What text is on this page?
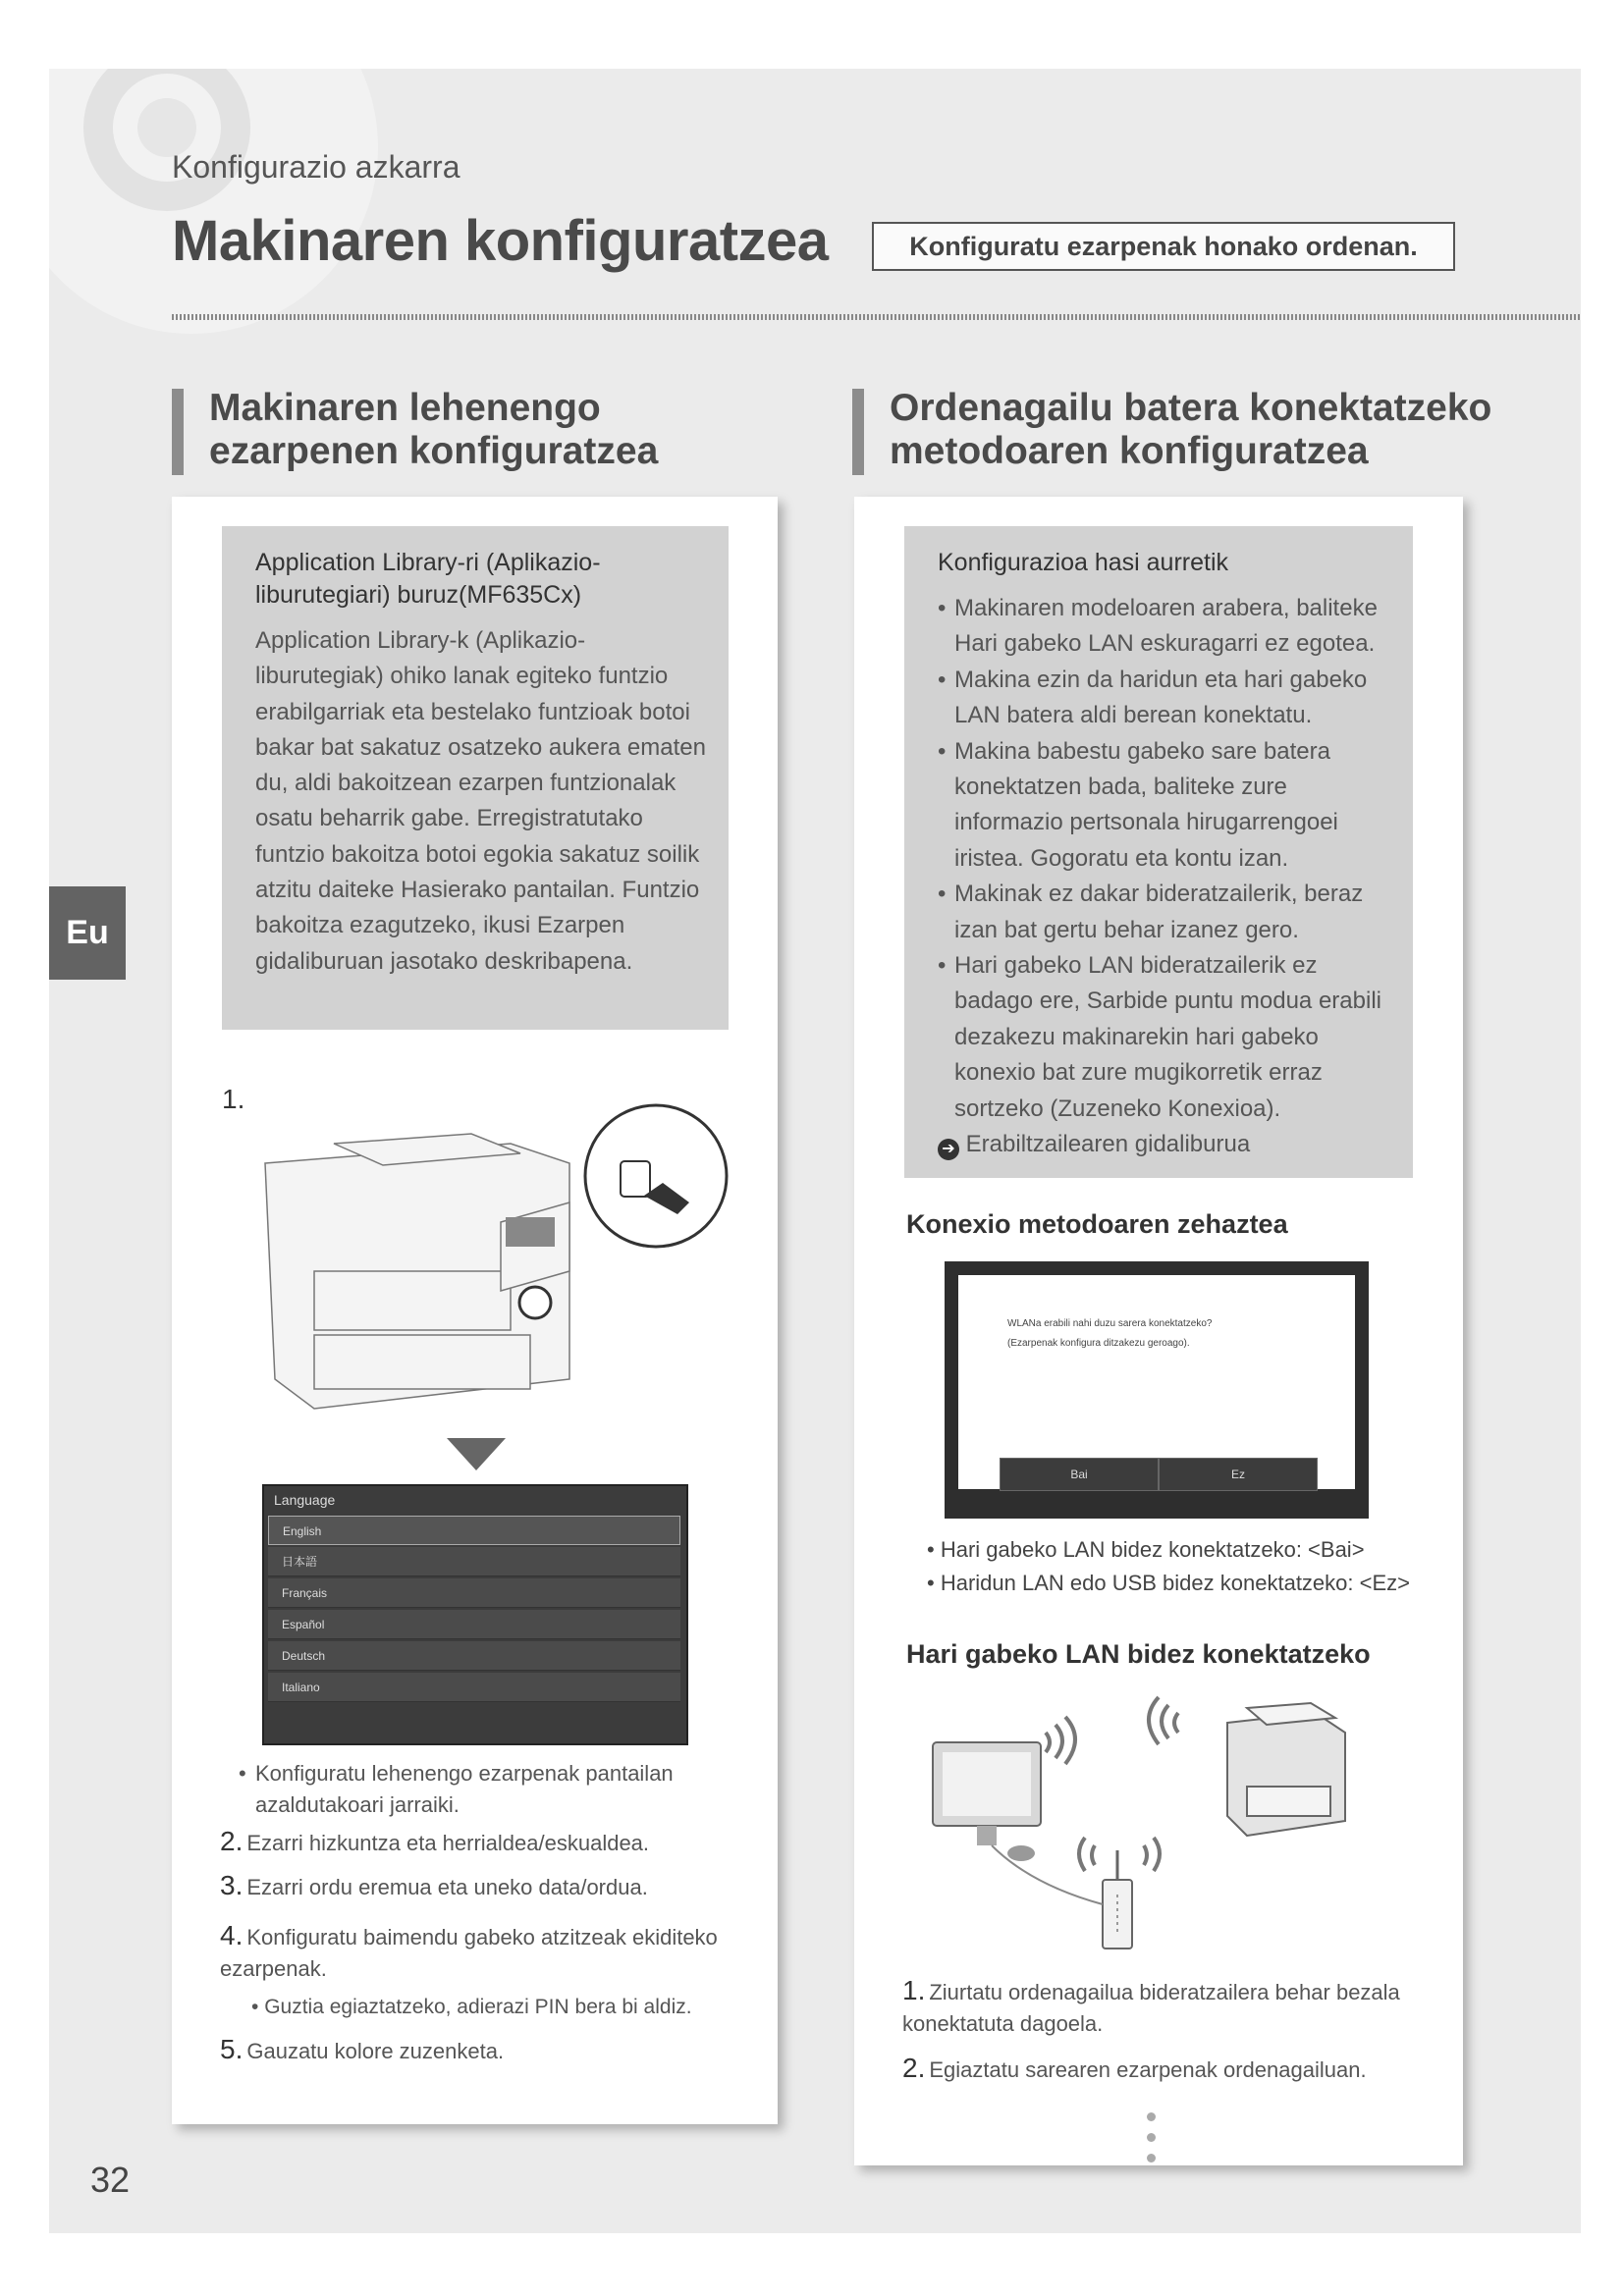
Konfigurazio azkarra
Makinaren konfiguratzea	Konfiguratu ezarpenak honako ordenan.
Eu
Makinaren lehenengo
ezarpenen konfiguratzea
Ordenagailu batera konektatzeko
metodoaren konfiguratzea
Application Library-ri (Aplikazio-
liburutegiari) buruz(MF635Cx)
Application Library-k (Aplikazio-liburutegiak) ohiko lanak egiteko funtzio erabilgarriak eta bestelako funtzioak botoi bakar bat sakatuz osatzeko aukera ematen du, aldi bakoitzean ezarpen funtzionalak osatu beharrik gabe. Erregistratutako funtzio bakoitza botoi egokia sakatuz soilik atzitu daiteke Hasierako pantailan. Funtzio bakoitza ezagutzeko, ikusi Ezarpen gidaliburuan jasotako deskribapena.
1.
Language
English
日本語
Français
Español
Deutsch
Italiano
• Konfiguratu lehenengo ezarpenak pantailan azaldutakoari jarraiki.
2. Ezarri hizkuntza eta herrialdea/eskualdea.
3. Ezarri ordu eremua eta uneko data/ordua.
4. Konfiguratu baimendu gabeko atzitzeak ekiditeko ezarpenak.
• Guztia egiaztatzeko, adierazi PIN bera bi aldiz.
5. Gauzatu kolore zuzenketa.
Konfigurazioa hasi aurretik
• Makinaren modeloaren arabera, baliteke Hari gabeko LAN eskuragarri ez egotea.
• Makina ezin da haridun eta hari gabeko LAN batera aldi berean konektatu.
• Makina babestu gabeko sare batera konektatzen bada, baliteke zure informazio pertsonala hirugarrengoei iristea. Gogoratu eta kontu izan.
• Makinak ez dakar bideratzailerik, beraz izan bat gertu behar izanez gero.
• Hari gabeko LAN bideratzailerik ez badago ere, Sarbide puntu modua erabili dezakezu makinarekin hari gabeko konexio bat zure mugikorretik erraz sortzeko (Zuzeneko Konexioa).
➔ Erabiltzailearen gidaliburua
Konexio metodoaren zehaztea
WLANa erabili nahi duzu sarera konektatzeko?
(Ezarpenak konfigura ditzakezu geroago).
Bai	Ez
• Hari gabeko LAN bidez konektatzeko: <Bai>
• Haridun LAN edo USB bidez konektatzeko: <Ez>
Hari gabeko LAN bidez konektatzeko
1. Ziurtatu ordenagailua bideratzailera behar bezala konektatuta dagoela.
2. Egiaztatu sarearen ezarpenak ordenagailuan.
32
